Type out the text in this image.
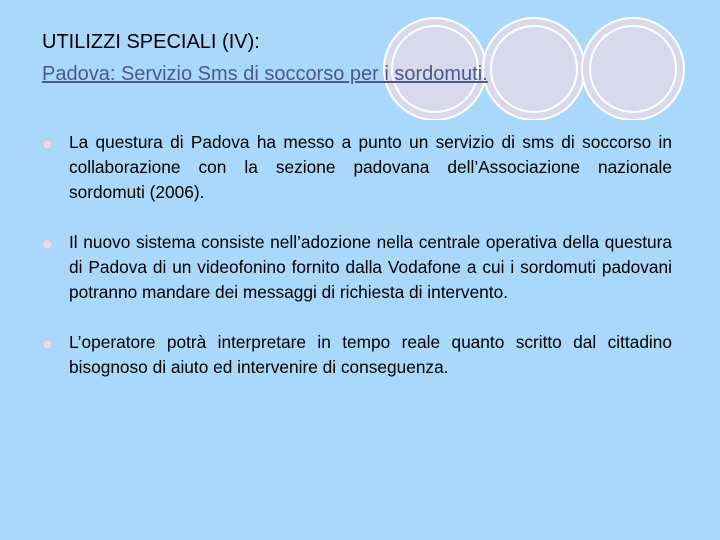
UTILIZZI SPECIALI (IV):
Padova: Servizio Sms di soccorso per i sordomuti.
La questura di Padova ha messo a punto un servizio di sms di soccorso in collaborazione con la sezione padovana dell’Associazione nazionale sordomuti (2006).
Il nuovo sistema consiste nell’adozione nella centrale operativa della questura di Padova di un videofonino fornito dalla Vodafone a cui i sordomuti padovani potranno mandare dei messaggi di richiesta di intervento.
L’operatore potrà interpretare in tempo reale quanto scritto dal cittadino bisognoso di aiuto ed intervenire di conseguenza.
